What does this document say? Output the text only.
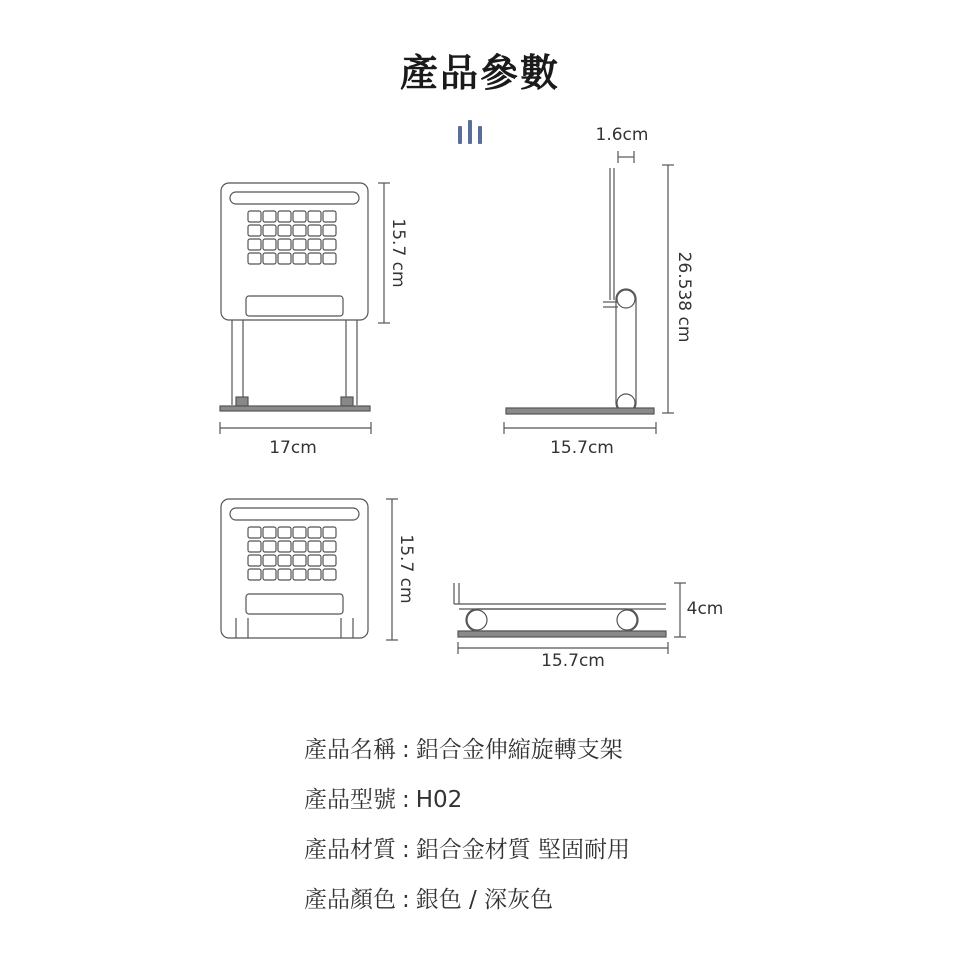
產品參數
15.7 cm
17cm
1.6cm
26.538 cm
15.7cm
15.7 cm
4cm
15.7cm
產品名稱 : 鋁合金伸縮旋轉支架
產品型號 : H02
產品材質 : 鋁合金材質 堅固耐用
產品顏色 : 銀色 / 深灰色
